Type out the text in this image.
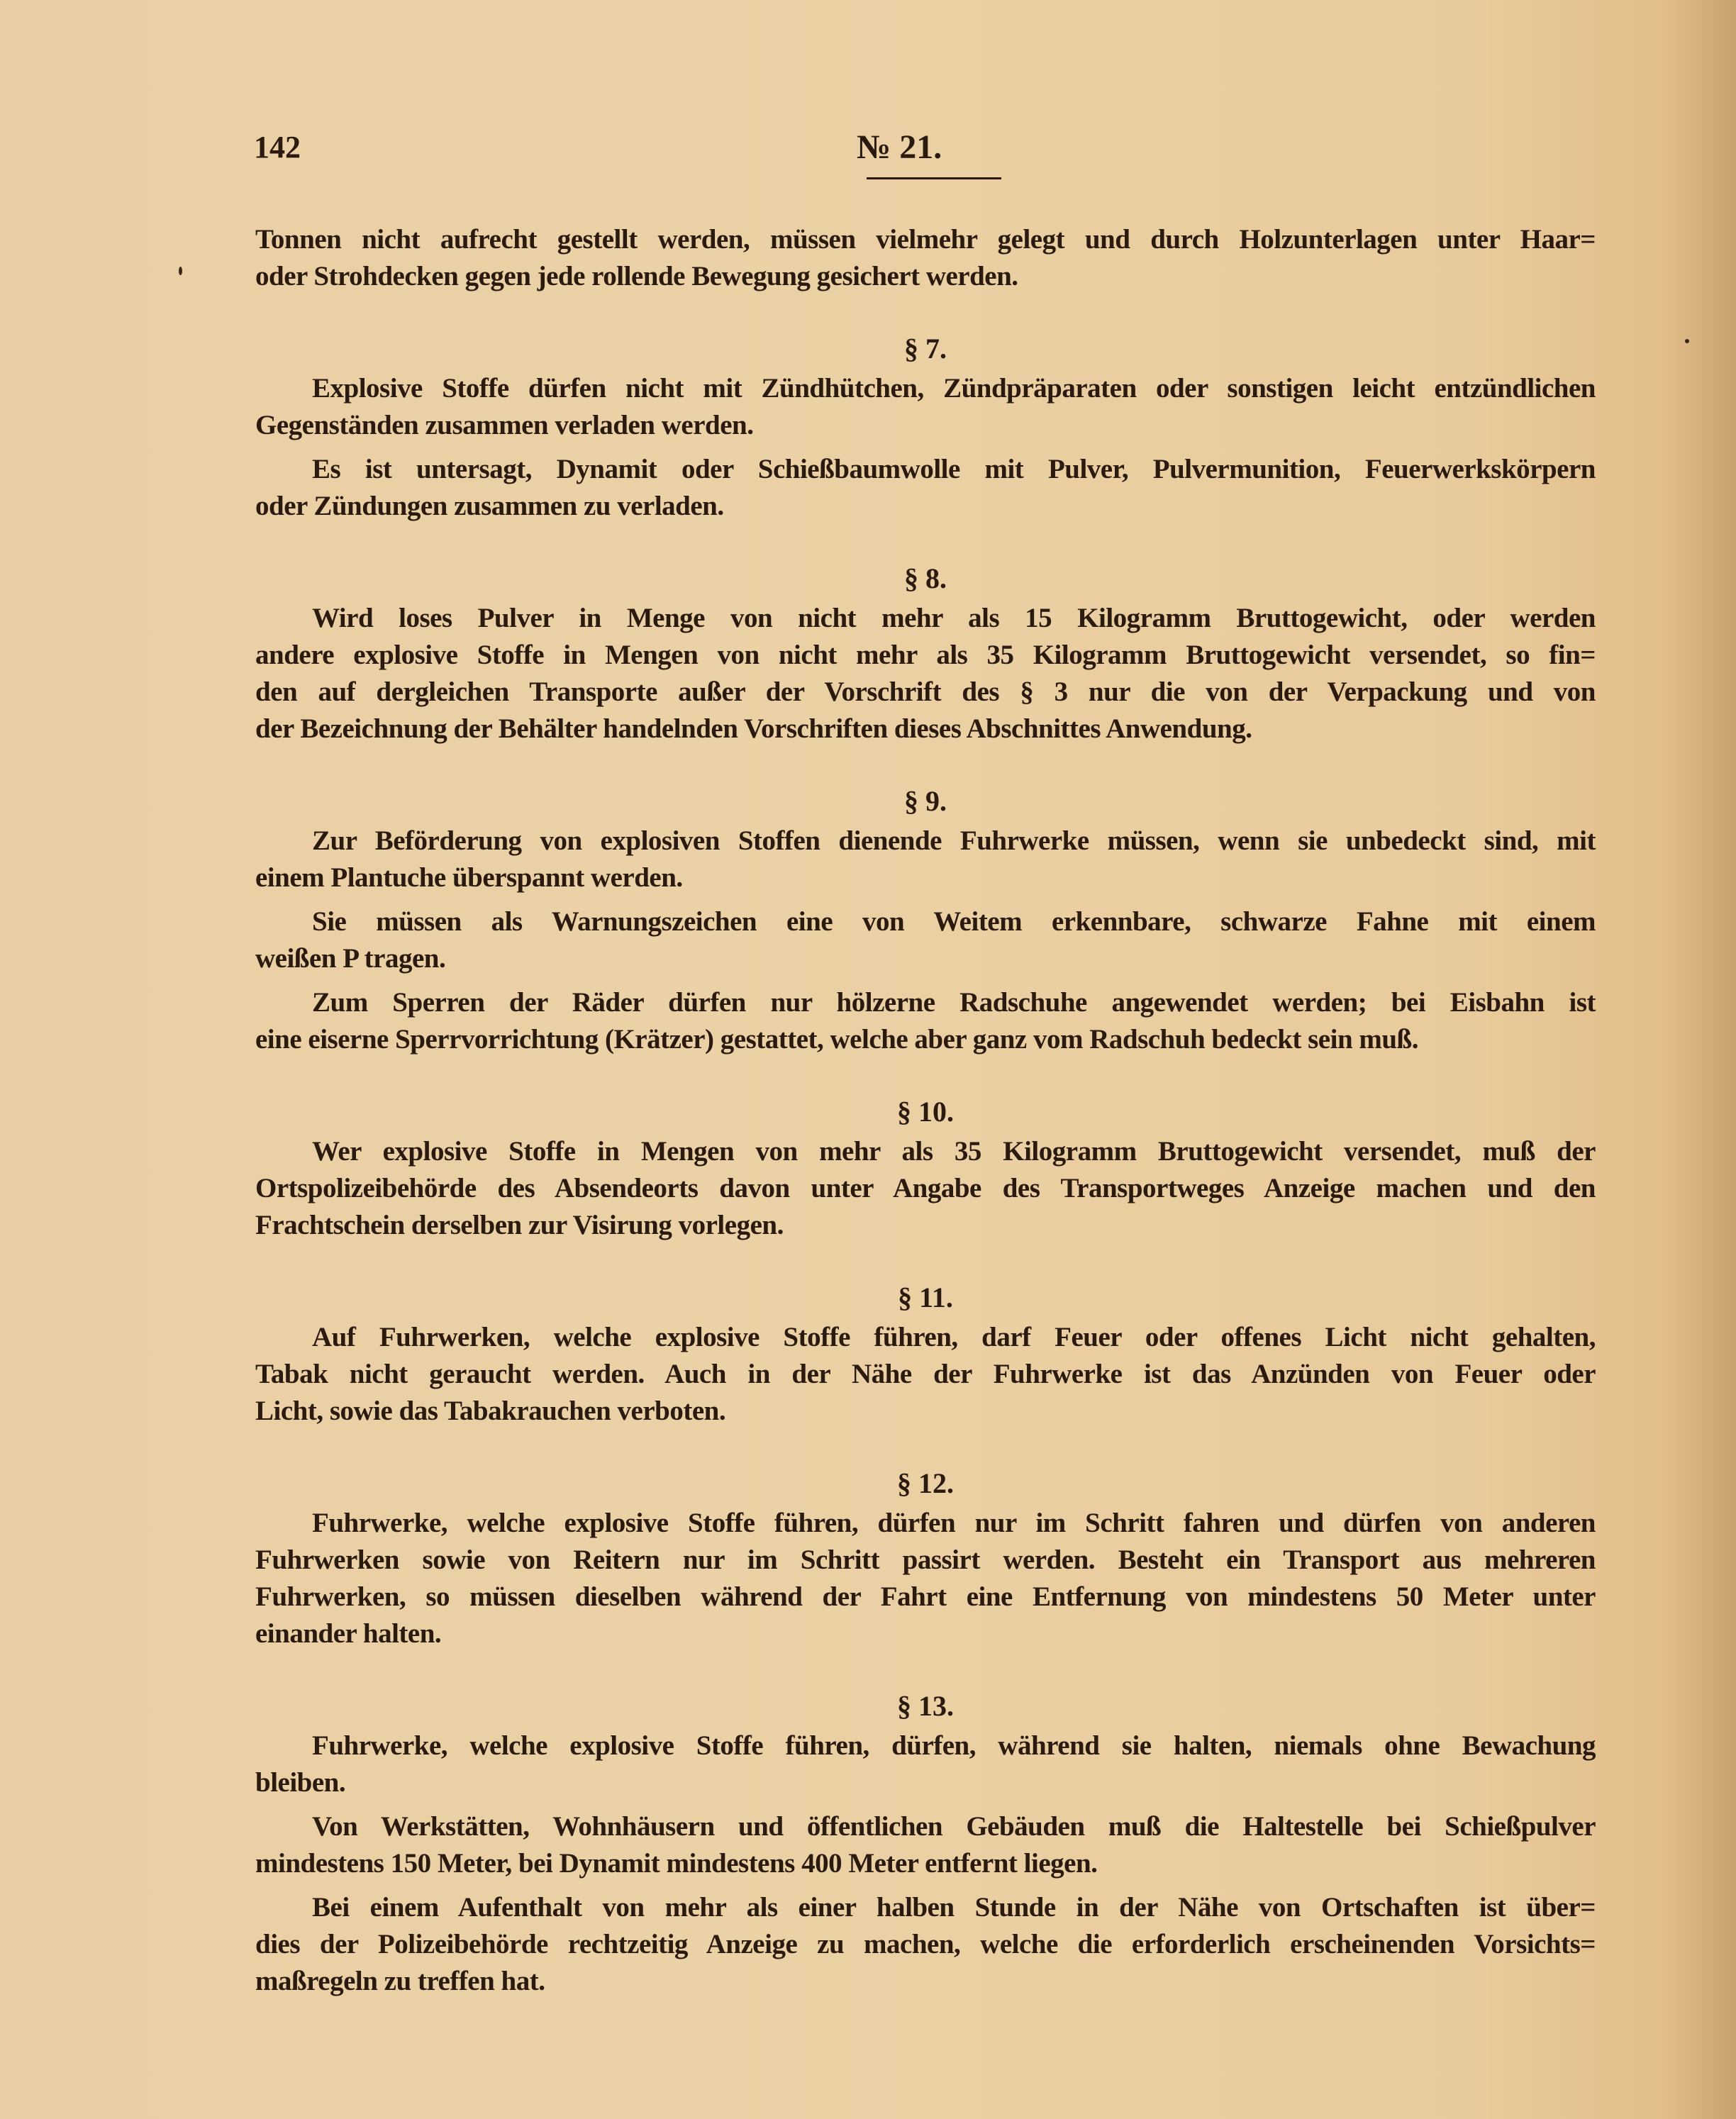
142	№ 21.
Tonnen nicht aufrecht gestellt werden, müssen vielmehr gelegt und durch Holzunterlagen unter Haar=
oder Strohdecken gegen jede rollende Bewegung gesichert werden.
§ 7.
Explosive Stoffe dürfen nicht mit Zündhütchen, Zündpräparaten oder sonstigen leicht entzündlichen
Gegenständen zusammen verladen werden.
Es ist untersagt, Dynamit oder Schießbaumwolle mit Pulver, Pulvermunition, Feuerwerkskörpern
oder Zündungen zusammen zu verladen.
§ 8.
Wird loses Pulver in Menge von nicht mehr als 15 Kilogramm Bruttogewicht, oder werden
andere explosive Stoffe in Mengen von nicht mehr als 35 Kilogramm Bruttogewicht versendet, so fin=
den auf dergleichen Transporte außer der Vorschrift des § 3 nur die von der Verpackung und von
der Bezeichnung der Behälter handelnden Vorschriften dieses Abschnittes Anwendung.
§ 9.
Zur Beförderung von explosiven Stoffen dienende Fuhrwerke müssen, wenn sie unbedeckt sind, mit
einem Plantuche überspannt werden.
Sie müssen als Warnungszeichen eine von Weitem erkennbare, schwarze Fahne mit einem
weißen P tragen.
Zum Sperren der Räder dürfen nur hölzerne Radschuhe angewendet werden; bei Eisbahn ist
eine eiserne Sperrvorrichtung (Krätzer) gestattet, welche aber ganz vom Radschuh bedeckt sein muß.
§ 10.
Wer explosive Stoffe in Mengen von mehr als 35 Kilogramm Bruttogewicht versendet, muß der
Ortspolizeibehörde des Absendeorts davon unter Angabe des Transportweges Anzeige machen und den
Frachtschein derselben zur Visirung vorlegen.
§ 11.
Auf Fuhrwerken, welche explosive Stoffe führen, darf Feuer oder offenes Licht nicht gehalten,
Tabak nicht geraucht werden. Auch in der Nähe der Fuhrwerke ist das Anzünden von Feuer oder
Licht, sowie das Tabakrauchen verboten.
§ 12.
Fuhrwerke, welche explosive Stoffe führen, dürfen nur im Schritt fahren und dürfen von anderen
Fuhrwerken sowie von Reitern nur im Schritt passirt werden. Besteht ein Transport aus mehreren
Fuhrwerken, so müssen dieselben während der Fahrt eine Entfernung von mindestens 50 Meter unter
einander halten.
§ 13.
Fuhrwerke, welche explosive Stoffe führen, dürfen, während sie halten, niemals ohne Bewachung
bleiben.
Von Werkstätten, Wohnhäusern und öffentlichen Gebäuden muß die Haltestelle bei Schießpulver
mindestens 150 Meter, bei Dynamit mindestens 400 Meter entfernt liegen.
Bei einem Aufenthalt von mehr als einer halben Stunde in der Nähe von Ortschaften ist über=
dies der Polizeibehörde rechtzeitig Anzeige zu machen, welche die erforderlich erscheinenden Vorsichts=
maßregeln zu treffen hat.
